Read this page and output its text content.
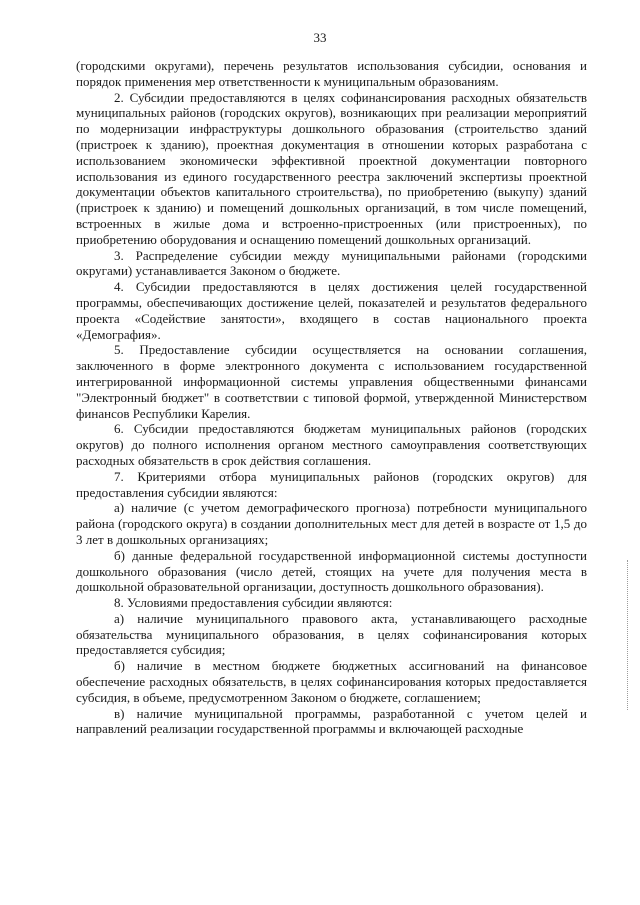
33

(городскими округами), перечень результатов использования субсидии, основания и порядок применения мер ответственности к муниципальным образованиям.

2. Субсидии предоставляются в целях софинансирования расходных обязательств муниципальных районов (городских округов), возникающих при реализации мероприятий по модернизации инфраструктуры дошкольного образования (строительство зданий (пристроек к зданию), проектная документация в отношении которых разработана с использованием экономически эффективной проектной документации повторного использования из единого государственного реестра заключений экспертизы проектной документации объектов капитального строительства), по приобретению (выкупу) зданий (пристроек к зданию) и помещений дошкольных организаций, в том числе помещений, встроенных в жилые дома и встроенно-пристроенных (или пристроенных), по приобретению оборудования и оснащению помещений дошкольных организаций.

3. Распределение субсидии между муниципальными районами (городскими округами) устанавливается Законом о бюджете.

4. Субсидии предоставляются в целях достижения целей государственной программы, обеспечивающих достижение целей, показателей и результатов федерального проекта «Содействие занятости», входящего в состав национального проекта «Демография».

5. Предоставление субсидии осуществляется на основании соглашения, заключенного в форме электронного документа с использованием государственной интегрированной информационной системы управления общественными финансами "Электронный бюджет" в соответствии с типовой формой, утвержденной Министерством финансов Республики Карелия.

6. Субсидии предоставляются бюджетам муниципальных районов (городских округов) до полного исполнения органом местного самоуправления соответствующих расходных обязательств в срок действия соглашения.

7. Критериями отбора муниципальных районов (городских округов) для предоставления субсидии являются:

а) наличие (с учетом демографического прогноза) потребности муниципального района (городского округа) в создании дополнительных мест для детей в возрасте от 1,5 до 3 лет в дошкольных организациях;

б) данные федеральной государственной информационной системы доступности дошкольного образования (число детей, стоящих на учете для получения места в дошкольной образовательной организации, доступность дошкольного образования).

8. Условиями предоставления субсидии являются:

а) наличие муниципального правового акта, устанавливающего расходные обязательства муниципального образования, в целях софинансирования которых предоставляется субсидия;

б) наличие в местном бюджете бюджетных ассигнований на финансовое обеспечение расходных обязательств, в целях софинансирования которых предоставляется субсидия, в объеме, предусмотренном Законом о бюджете, соглашением;

в) наличие муниципальной программы, разработанной с учетом целей и направлений реализации государственной программы и включающей расходные
